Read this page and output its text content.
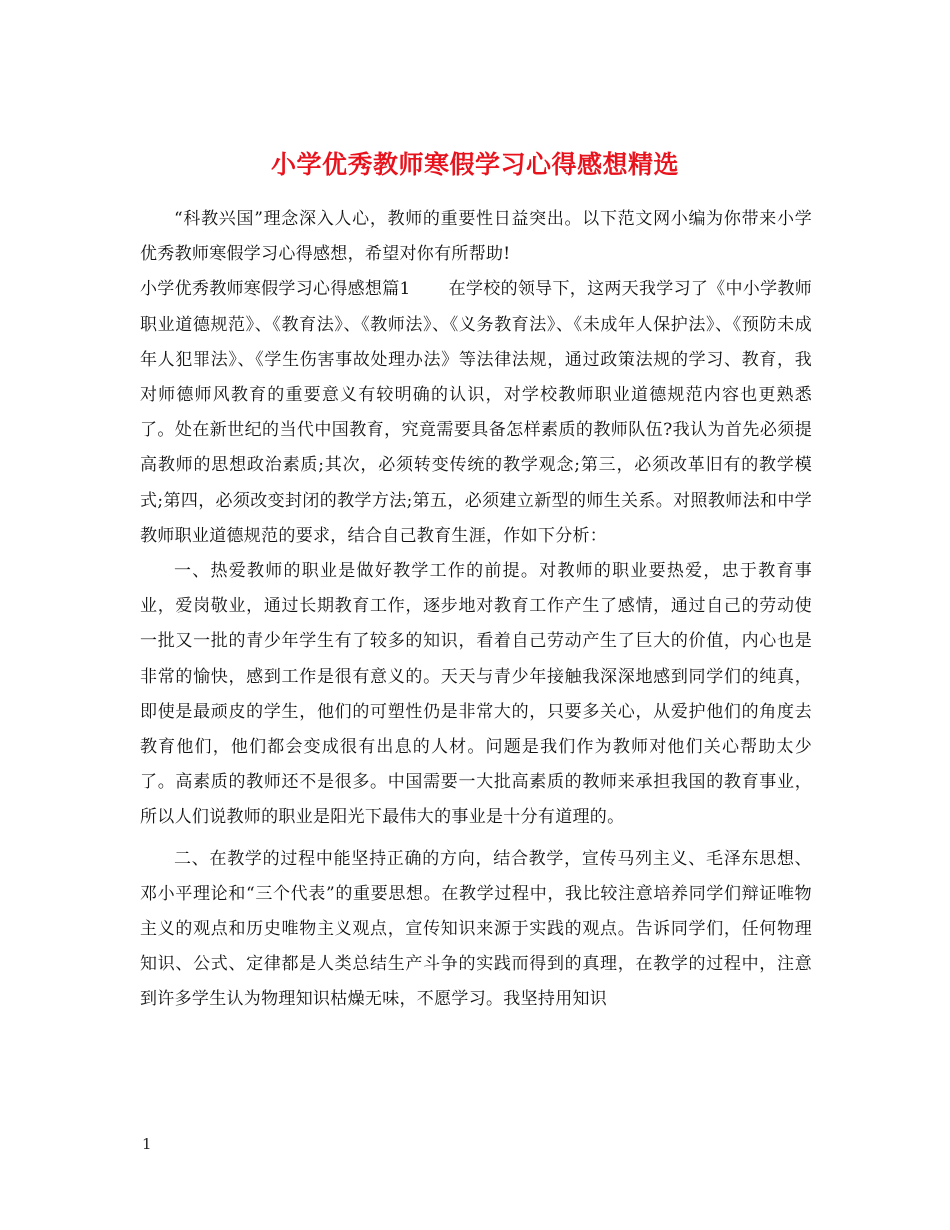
小学优秀教师寒假学习心得感想精选

“科教兴国”理念深入人心，教师的重要性日益突出。以下范文网小编为你带来小学优秀教师寒假学习心得感想，希望对你有所帮助!

小学优秀教师寒假学习心得感想篇1 在学校的领导下，这两天我学习了《中小学教师职业道德规范》、《教育法》、《教师法》、《义务教育法》、《未成年人保护法》、《预防未成年人犯罪法》、《学生伤害事故处理办法》等法律法规，通过政策法规的学习、教育，我对师德师风教育的重要意义有较明确的认识，对学校教师职业道德规范内容也更熟悉了。处在新世纪的当代中国教育，究竟需要具备怎样素质的教师队伍?我认为首先必须提高教师的思想政治素质;其次，必须转变传统的教学观念;第三，必须改革旧有的教学模式;第四，必须改变封闭的教学方法;第五，必须建立新型的师生关系。对照教师法和中学教师职业道德规范的要求，结合自己教育生涯，作如下分析：

一、热爱教师的职业是做好教学工作的前提。对教师的职业要热爱，忠于教育事业，爱岗敬业，通过长期教育工作，逐步地对教育工作产生了感情，通过自己的劳动使一批又一批的青少年学生有了较多的知识，看着自己劳动产生了巨大的价值，内心也是非常的愉快，感到工作是很有意义的。天天与青少年接触我深深地感到同学们的纯真，即使是最顽皮的学生，他们的可塑性仍是非常大的，只要多关心，从爱护他们的角度去教育他们，他们都会变成很有出息的人材。问题是我们作为教师对他们关心帮助太少了。高素质的教师还不是很多。中国需要一大批高素质的教师来承担我国的教育事业，所以人们说教师的职业是阳光下最伟大的事业是十分有道理的。

二、在教学的过程中能坚持正确的方向，结合教学，宣传马列主义、毛泽东思想、邓小平理论和“三个代表”的重要思想。在教学过程中，我比较注意培养同学们辩证唯物主义的观点和历史唯物主义观点，宣传知识来源于实践的观点。告诉同学们，任何物理知识、公式、定律都是人类总结生产斗争的实践而得到的真理，在教学的过程中，注意到许多学生认为物理知识枯燥无味，不愿学习。我坚持用知识

1
